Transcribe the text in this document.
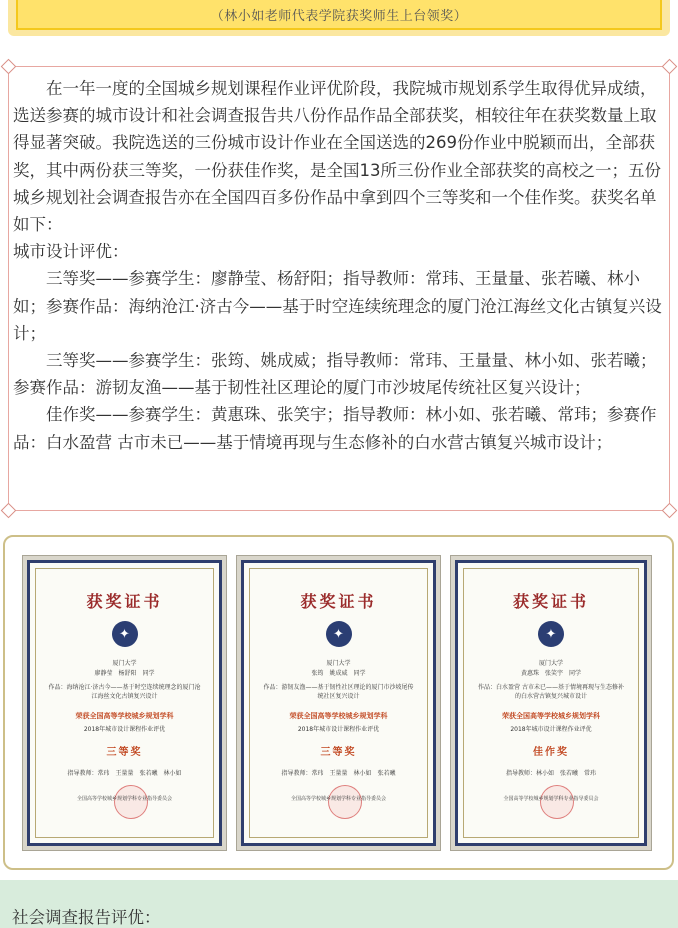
（林小如老师代表学院获奖师生上台领奖）

在一年一度的全国城乡规划课程作业评优阶段，我院城市规划系学生取得优异成绩，选送参赛的城市设计和社会调查报告共八份作品作品全部获奖，相较往年在获奖数量上取得显著突破。我院选送的三份城市设计作业在全国送选的269份作业中脱颖而出，全部获奖，其中两份获三等奖，一份获佳作奖，是全国13所三份作业全部获奖的高校之一；五份城乡规划社会调查报告亦在全国四百多份作品中拿到四个三等奖和一个佳作奖。获奖名单如下：

城市设计评优：

三等奖——参赛学生：廖静莹、杨舒阳；指导教师：常玮、王量量、张若曦、林小如；参赛作品：海纳沧江·济古今——基于时空连续统理念的厦门沧江海丝文化古镇复兴设计；

三等奖——参赛学生：张筠、姚成威；指导教师：常玮、王量量、林小如、张若曦；参赛作品：游韧友渔——基于韧性社区理论的厦门市沙坡尾传统社区复兴设计；

佳作奖——参赛学生：黄惠珠、张笑宇；指导教师：林小如、张若曦、常玮；参赛作品：白水盈营 古市未已——基于情境再现与生态修补的白水营古镇复兴城市设计；

获奖证书
✦
厦门大学
廖静莹　杨舒阳　同学
作品：海纳沧江·济古今——基于时空连续统理念的厦门沧江海丝文化古镇复兴设计
荣获全国高等学校城乡规划学科
2018年城市设计课程作业评优
三等奖
指导教师：常玮　王量量　张若曦　林小如
全国高等学校城乡规划学科专业指导委员会
获奖证书
✦
厦门大学
张筠　姚成威　同学
作品：游韧友渔——基于韧性社区理论的厦门市沙坡尾传统社区复兴设计
荣获全国高等学校城乡规划学科
2018年城市设计课程作业评优
三等奖
指导教师：常玮　王量量　林小如　张若曦
全国高等学校城乡规划学科专业指导委员会
获奖证书
✦
厦门大学
黄惠珠　张笑宇　同学
作品：白水盈营 古市未已——基于情境再现与生态修补的白水营古镇复兴城市设计
荣获全国高等学校城乡规划学科
2018年城市设计课程作业评优
佳作奖
指导教师：林小如　张若曦　常玮
全国高等学校城乡规划学科专业指导委员会
社会调查报告评优：
